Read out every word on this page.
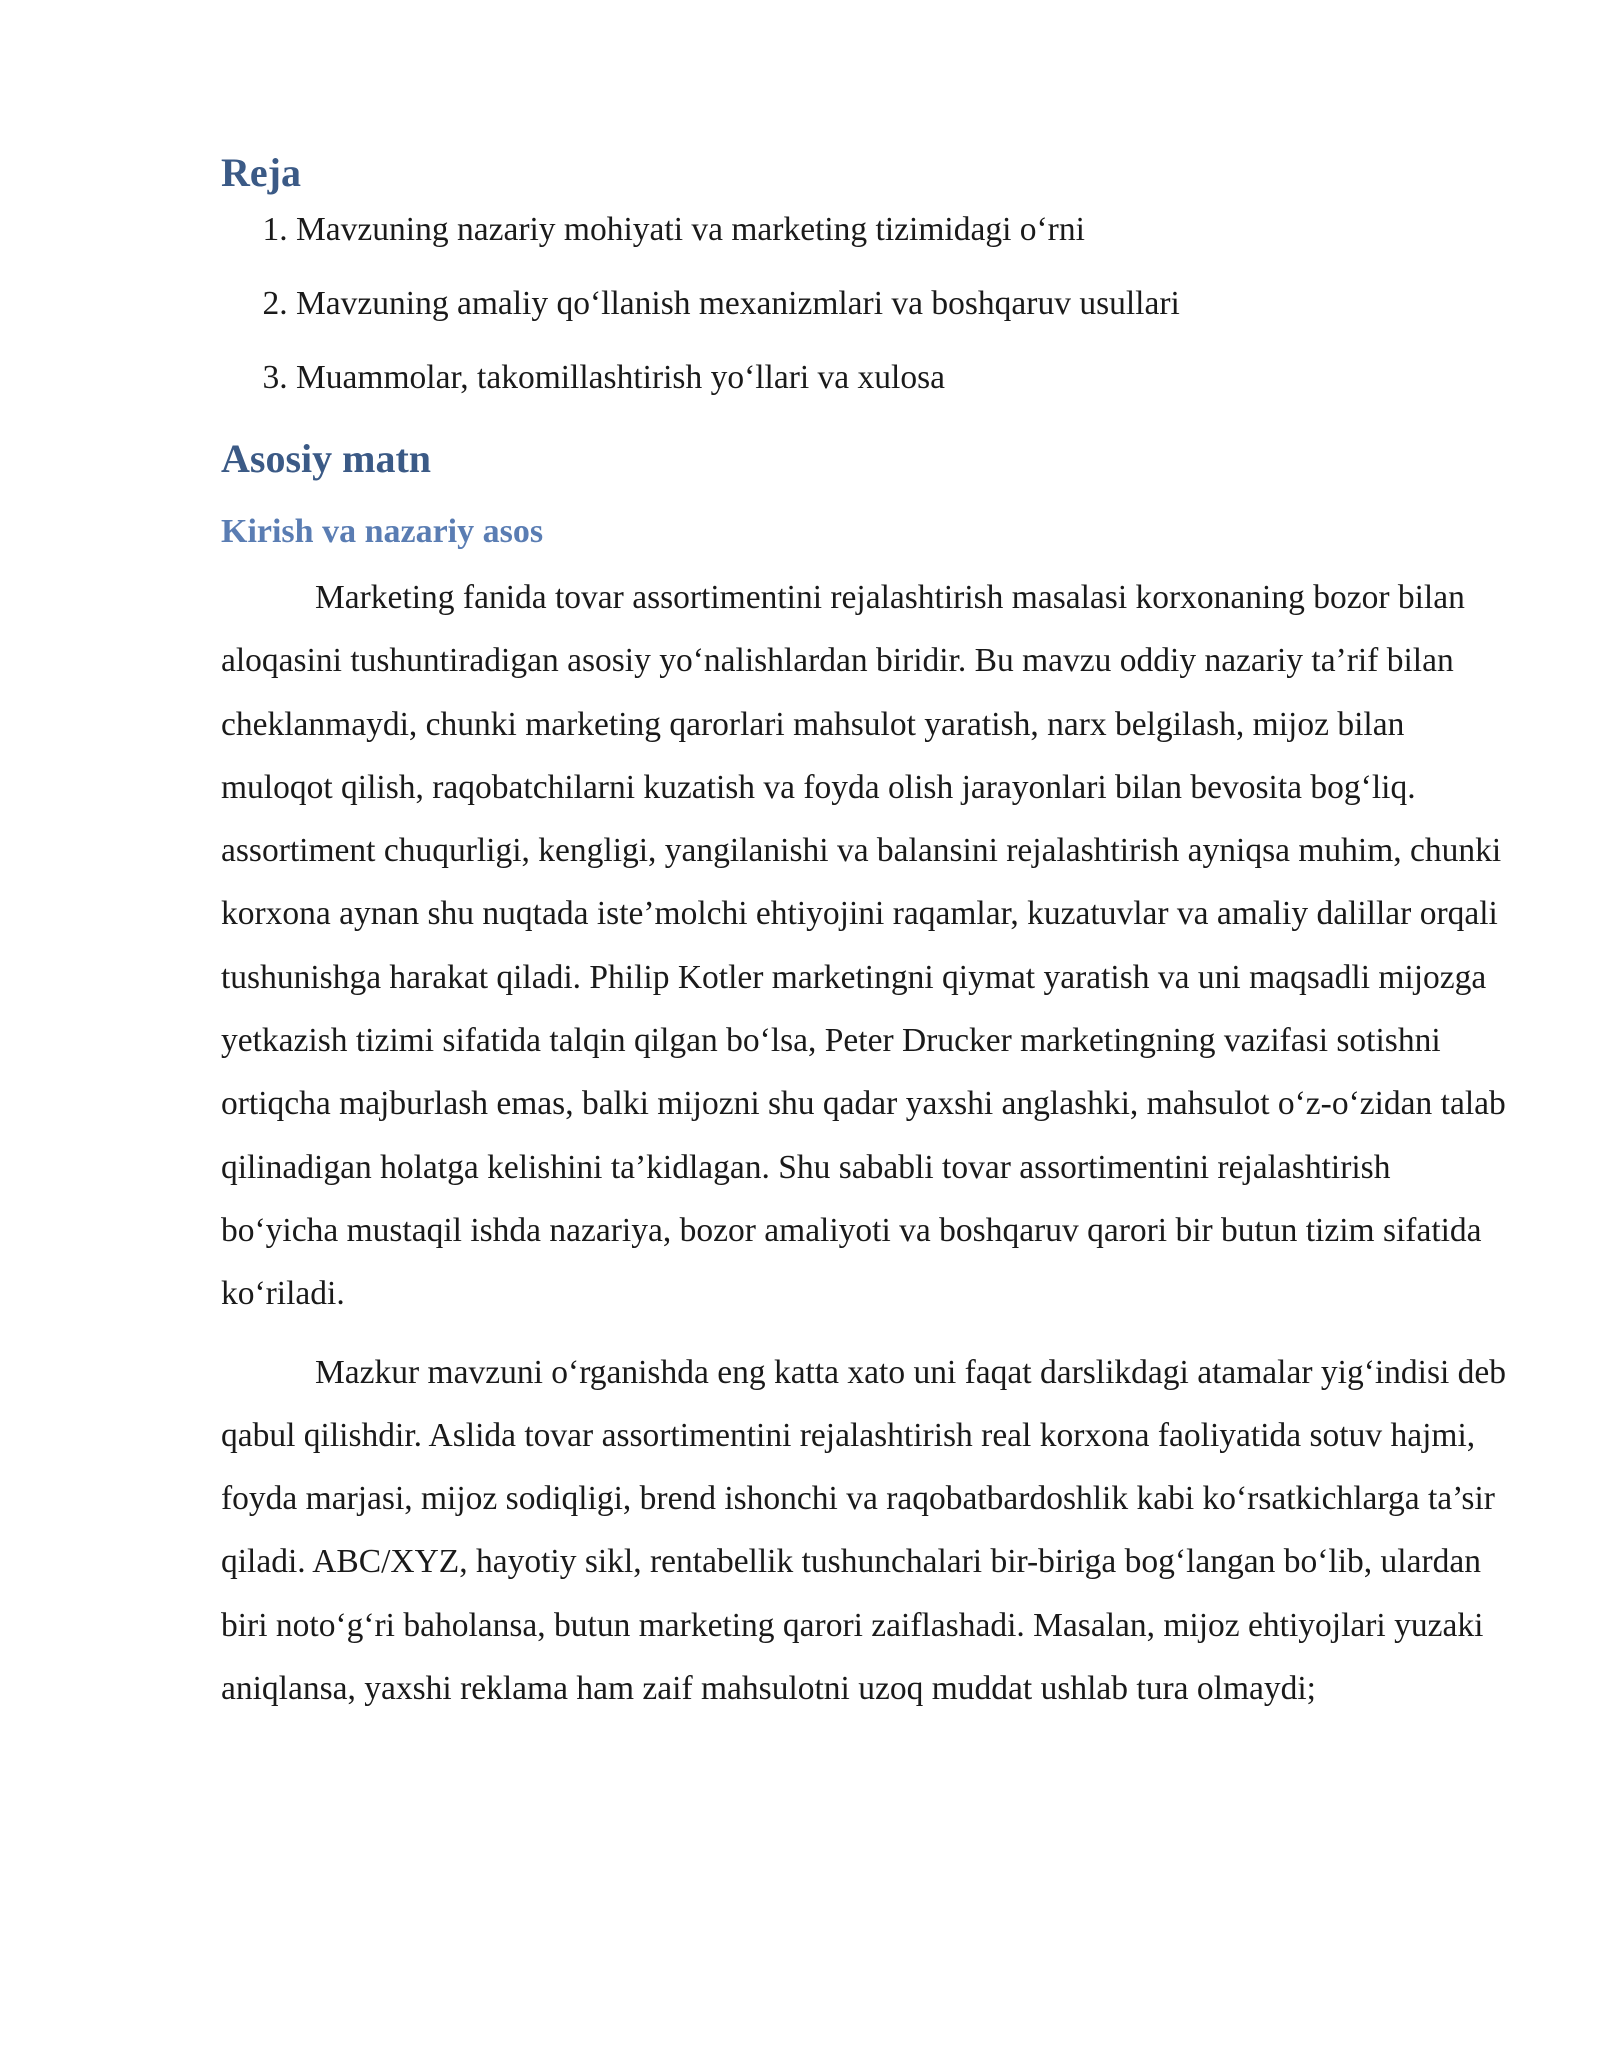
Reja
1. Mavzuning nazariy mohiyati va marketing tizimidagi o‘rni
2. Mavzuning amaliy qo‘llanish mexanizmlari va boshqaruv usullari
3. Muammolar, takomillashtirish yo‘llari va xulosa
Asosiy matn
Kirish va nazariy asos

Marketing fanida tovar assortimentini rejalashtirish masalasi korxonaning bozor bilan aloqasini tushuntiradigan asosiy yo‘nalishlardan biridir. Bu mavzu oddiy nazariy ta’rif bilan cheklanmaydi, chunki marketing qarorlari mahsulot yaratish, narx belgilash, mijoz bilan muloqot qilish, raqobatchilarni kuzatish va foyda olish jarayonlari bilan bevosita bog‘liq. assortiment chuqurligi, kengligi, yangilanishi va balansini rejalashtirish ayniqsa muhim, chunki korxona aynan shu nuqtada iste’molchi ehtiyojini raqamlar, kuzatuvlar va amaliy dalillar orqali tushunishga harakat qiladi. Philip Kotler marketingni qiymat yaratish va uni maqsadli mijozga yetkazish tizimi sifatida talqin qilgan bo‘lsa, Peter Drucker marketingning vazifasi sotishni ortiqcha majburlash emas, balki mijozni shu qadar yaxshi anglashki, mahsulot o‘z-o‘zidan talab qilinadigan holatga kelishini ta’kidlagan. Shu sababli tovar assortimentini rejalashtirish bo‘yicha mustaqil ishda nazariya, bozor amaliyoti va boshqaruv qarori bir butun tizim sifatida ko‘riladi.

Mazkur mavzuni o‘rganishda eng katta xato uni faqat darslikdagi atamalar yig‘indisi deb qabul qilishdir. Aslida tovar assortimentini rejalashtirish real korxona faoliyatida sotuv hajmi, foyda marjasi, mijoz sodiqligi, brend ishonchi va raqobatbardoshlik kabi ko‘rsatkichlarga ta’sir qiladi. ABC/XYZ, hayotiy sikl, rentabellik tushunchalari bir-biriga bog‘langan bo‘lib, ulardan biri noto‘g‘ri baholansa, butun marketing qarori zaiflashadi. Masalan, mijoz ehtiyojlari yuzaki aniqlansa, yaxshi reklama ham zaif mahsulotni uzoq muddat ushlab tura olmaydi;
